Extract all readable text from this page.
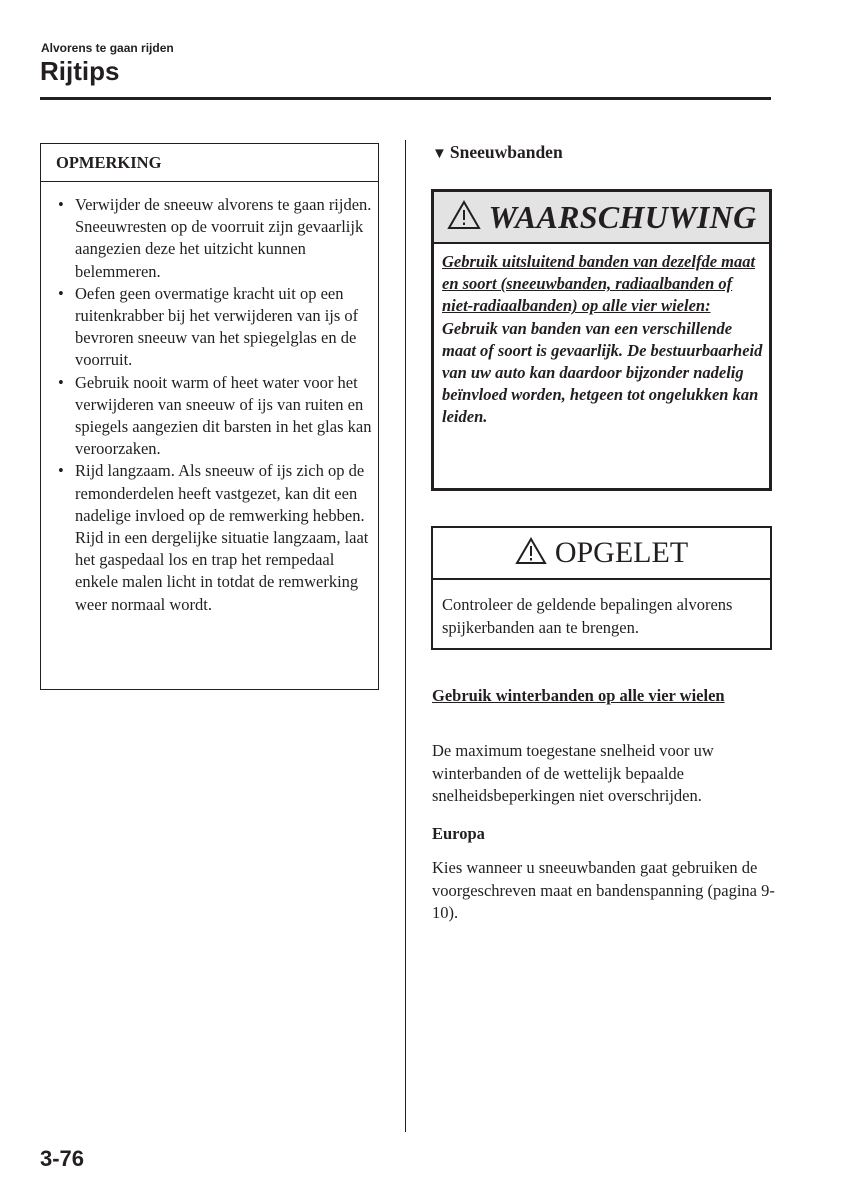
Alvorens te gaan rijden
Rijtips
OPMERKING
• Verwijder de sneeuw alvorens te gaan rijden. Sneeuwresten op de voorruit zijn gevaarlijk aangezien deze het uitzicht kunnen belemmeren.
• Oefen geen overmatige kracht uit op een ruitenkrabber bij het verwijderen van ijs of bevroren sneeuw van het spiegelglas en de voorruit.
• Gebruik nooit warm of heet water voor het verwijderen van sneeuw of ijs van ruiten en spiegels aangezien dit barsten in het glas kan veroorzaken.
• Rijd langzaam. Als sneeuw of ijs zich op de remonderdelen heeft vastgezet, kan dit een nadelige invloed op de remwerking hebben. Rijd in een dergelijke situatie langzaam, laat het gaspedaal los en trap het rempedaal enkele malen licht in totdat de remwerking weer normaal wordt.
▼ Sneeuwbanden
WAARSCHUWING
Gebruik uitsluitend banden van dezelfde maat en soort (sneeuwbanden, radiaalbanden of niet-radiaalbanden) op alle vier wielen:
Gebruik van banden van een verschillende maat of soort is gevaarlijk. De bestuurbaarheid van uw auto kan daardoor bijzonder nadelig beïnvloed worden, hetgeen tot ongelukken kan leiden.
OPGELET
Controleer de geldende bepalingen alvorens spijkerbanden aan te brengen.
Gebruik winterbanden op alle vier wielen
De maximum toegestane snelheid voor uw winterbanden of de wettelijk bepaalde snelheidsbeperkingen niet overschrijden.
Europa
Kies wanneer u sneeuwbanden gaat gebruiken de voorgeschreven maat en bandenspanning (pagina 9-10).
3-76
